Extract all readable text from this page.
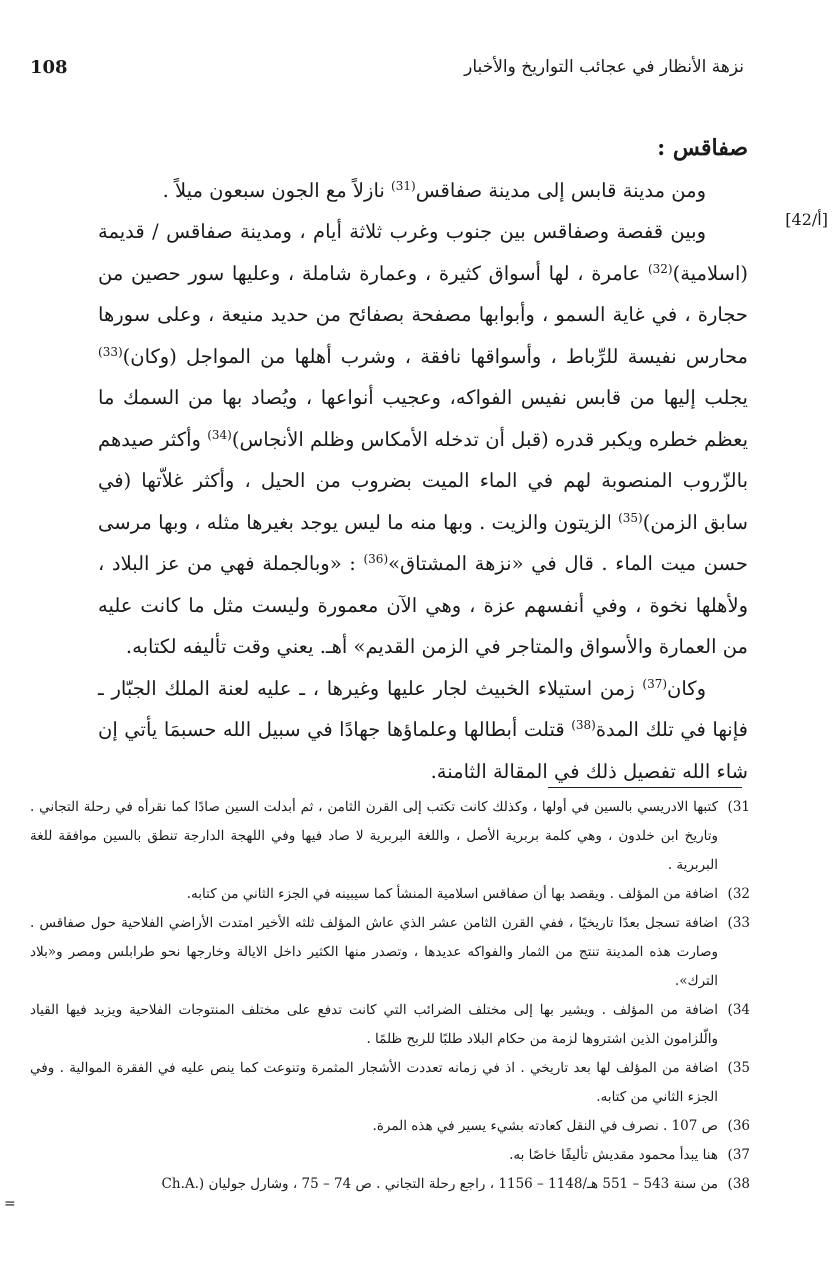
نزهة الأنظار في عجائب التواريخ والأخبار
108
[42/أ]
صفاقس :

ومن مدينة قابس إلى مدينة صفاقس$^{(31)}$ نازلاً مع الجون سبعون ميلاً .

وبين قفصة وصفاقس بين جنوب وغرب ثلاثة أيام ، ومدينة صفاقس / قديمة (اسلامية)$^{(32)}$ عامرة ، لها أسواق كثيرة ، وعمارة شاملة ، وعليها سور حصين من حجارة ، في غاية السمو ، وأبوابها مصفحة بصفائح من حديد منيعة ، وعلى سورها محارس نفيسة للرِّباط ، وأسواقها نافقة ، وشرب أهلها من المواجل (وكان)$^{(33)}$ يجلب إليها من قابس نفيس الفواكه، وعجيب أنواعها ، ويُصاد بها من السمك ما يعظم خطره ويكبر قدره (قبل أن تدخله الأمكاس وظلم الأنجاس)$^{(34)}$ وأكثر صيدهم بالزّروب المنصوبة لهم في الماء الميت بضروب من الحيل ، وأكثر غلاّتها (في سابق الزمن)$^{(35)}$ الزيتون والزيت . وبها منه ما ليس يوجد بغيرها مثله ، وبها مرسى حسن ميت الماء . قال في «نزهة المشتاق»$^{(36)}$ : «وبالجملة فهي من عز البلاد ، ولأهلها نخوة ، وفي أنفسهم عزة ، وهي الآن معمورة وليست مثل ما كانت عليه من العمارة والأسواق والمتاجر في الزمن القديم» أهـ. يعني وقت تأليفه لكتابه.

وكان$^{(37)}$ زمن استيلاء الخبيث لجار عليها وغيرها ، ـ عليه لعنة الملك الجبّار ـ فإنها في تلك المدة$^{(38)}$ قتلت أبطالها وعلماؤها جهادًا في سبيل الله حسبمَا يأتي إن شاء الله تفصيل ذلك في المقالة الثامنة.

31)
كتبها الادريسي بالسين في أولها ، وكذلك كانت تكتب إلى القرن الثامن ، ثم أبدلت السين صادًا كما نقرأه في رحلة التجاني . وتاريخ ابن خلدون ، وهي كلمة بربرية الأصل ، واللغة البربرية لا صاد فيها وفي اللهجة الدارجة تنطق بالسين موافقة للغة البربرية .
32)
اضافة من المؤلف . ويقصد بها أن صفاقس اسلامية المنشأ كما سيبينه في الجزء الثاني من كتابه.
33)
اضافة تسجل بعدًا تاريخيًا ، ففي القرن الثامن عشر الذي عاش المؤلف ثلثه الأخير امتدت الأراضي الفلاحية حول صفاقس . وصارت هذه المدينة تنتج من الثمار والفواكه عديدها ، وتصدر منها الكثير داخل الايالة وخارجها نحو طرابلس ومصر و«بلاد الترك».
34)
اضافة من المؤلف . ويشير بها إلى مختلف الضرائب التي كانت تدفع على مختلف المنتوجات الفلاحية ويزيد فيها القياد والّلزامون الذين اشتروها لزمة من حكام البلاد طلبًا للربح ظلمًا .
35)
اضافة من المؤلف لها بعد تاريخي . اذ في زمانه تعددت الأشجار المثمرة وتنوعت كما ينص عليه في الفقرة الموالية . وفي الجزء الثاني من كتابه.
36)
ص 107 . نصرف في النقل كعادته بشيء يسير في هذه المرة.
37)
هنا يبدأ محمود مقديش تأليفًا خاصًا به.
38)
من سنة 543 – 551 هـ/1148 – 1156 ، راجع رحلة التجاني . ص 74 – 75 ، وشارل جوليان (.Ch.A
=
